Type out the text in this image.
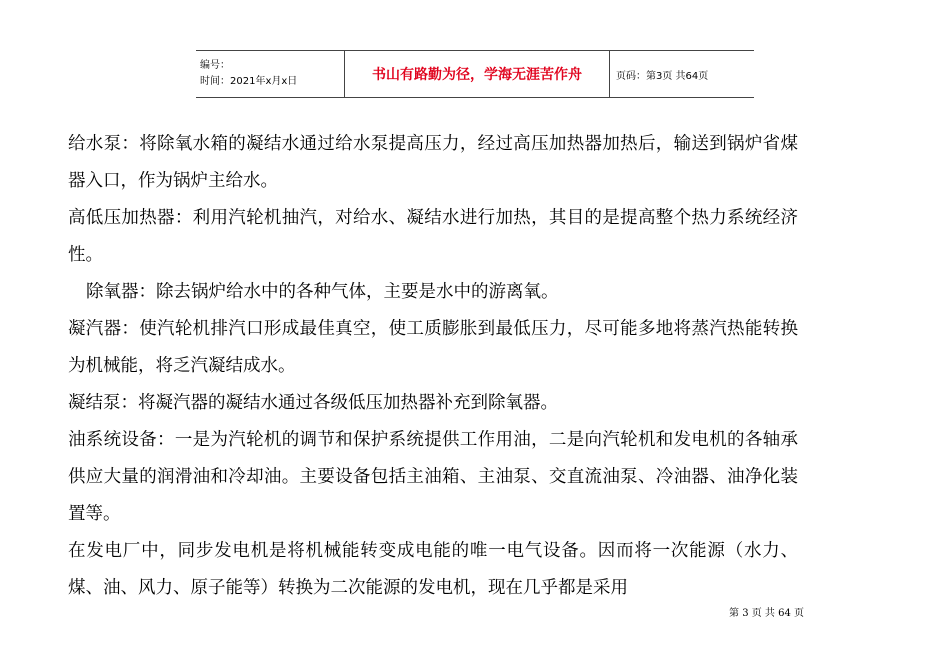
编号：
时间：2021年x月x日	书山有路勤为径，学海无涯苦作舟	页码：第3页 共64页

给水泵：将除氧水箱的凝结水通过给水泵提高压力，经过高压加热器加热后，输送到锅炉省煤器入口，作为锅炉主给水。

高低压加热器：利用汽轮机抽汽，对给水、凝结水进行加热，其目的是提高整个热力系统经济性。

除氧器：除去锅炉给水中的各种气体，主要是水中的游离氧。

凝汽器：使汽轮机排汽口形成最佳真空，使工质膨胀到最低压力，尽可能多地将蒸汽热能转换为机械能，将乏汽凝结成水。

凝结泵：将凝汽器的凝结水通过各级低压加热器补充到除氧器。

油系统设备：一是为汽轮机的调节和保护系统提供工作用油，二是向汽轮机和发电机的各轴承供应大量的润滑油和冷却油。主要设备包括主油箱、主油泵、交直流油泵、冷油器、油净化装置等。

在发电厂中，同步发电机是将机械能转变成电能的唯一电气设备。因而将一次能源（水力、煤、油、风力、原子能等）转换为二次能源的发电机，现在几乎都是采用

第 3 页 共 64 页
